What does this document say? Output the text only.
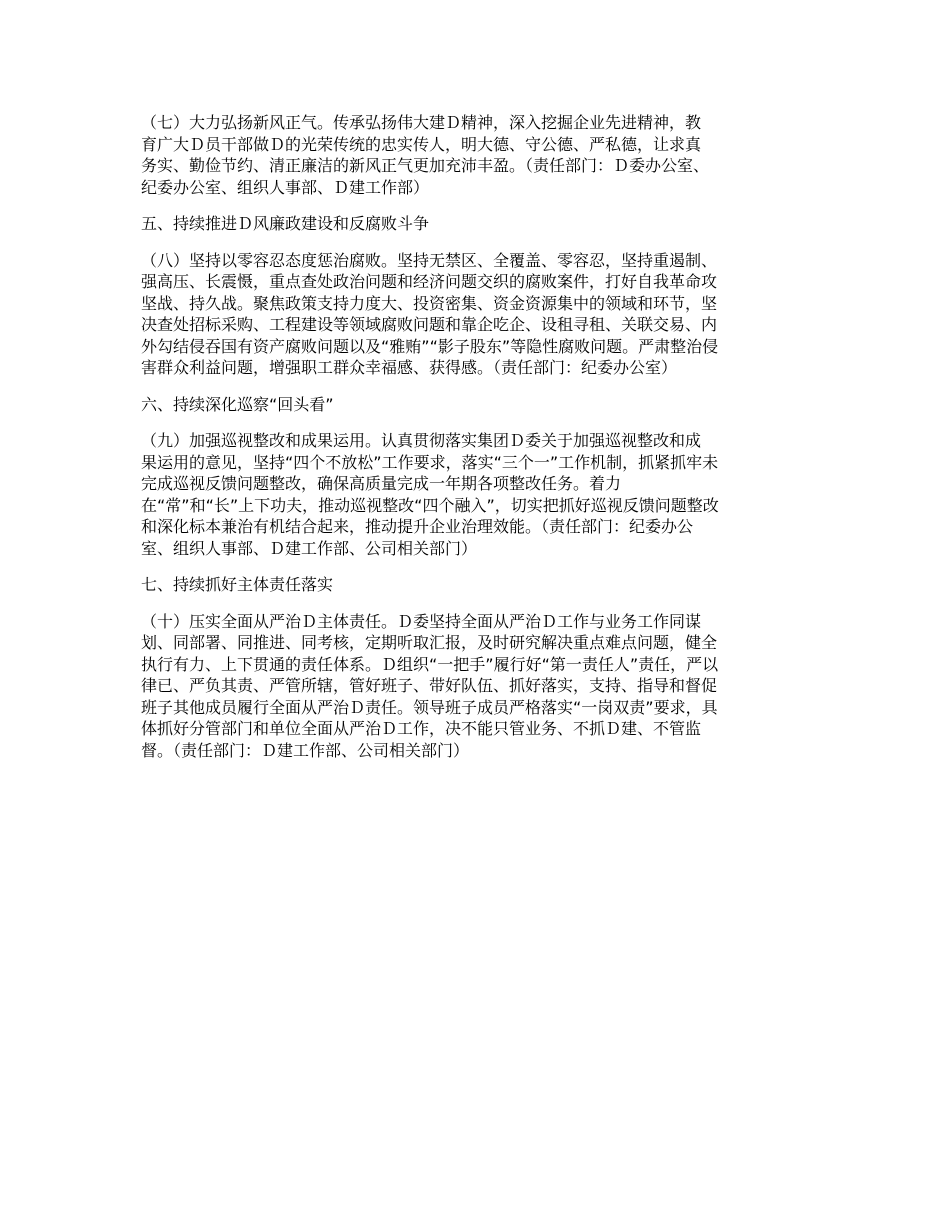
（七）大力弘扬新风正气。传承弘扬伟大建Ｄ精神，深入挖掘企业先进精神，教
育广大Ｄ员干部做Ｄ的光荣传统的忠实传人，明大德、守公德、严私德，让求真
务实、勤俭节约、清正廉洁的新风正气更加充沛丰盈。（责任部门：Ｄ委办公室、
纪委办公室、组织人事部、Ｄ建工作部）

五、持续推进Ｄ风廉政建设和反腐败斗争

（八）坚持以零容忍态度惩治腐败。坚持无禁区、全覆盖、零容忍，坚持重遏制、
强高压、长震慑，重点查处政治问题和经济问题交织的腐败案件，打好自我革命攻
坚战、持久战。聚焦政策支持力度大、投资密集、资金资源集中的领域和环节，坚
决查处招标采购、工程建设等领域腐败问题和靠企吃企、设租寻租、关联交易、内
外勾结侵吞国有资产腐败问题以及“雅贿”“影子股东”等隐性腐败问题。严肃整治侵
害群众利益问题，增强职工群众幸福感、获得感。（责任部门：纪委办公室）

六、持续深化巡察“回头看”

（九）加强巡视整改和成果运用。认真贯彻落实集团Ｄ委关于加强巡视整改和成
果运用的意见，坚持“四个不放松”工作要求，落实“三个一”工作机制，抓紧抓牢未
完成巡视反馈问题整改，确保高质量完成一年期各项整改任务。着力
在“常”和“长”上下功夫，推动巡视整改“四个融入”，切实把抓好巡视反馈问题整改
和深化标本兼治有机结合起来，推动提升企业治理效能。（责任部门：纪委办公
室、组织人事部、Ｄ建工作部、公司相关部门）

七、持续抓好主体责任落实

（十）压实全面从严治Ｄ主体责任。Ｄ委坚持全面从严治Ｄ工作与业务工作同谋
划、同部署、同推进、同考核，定期听取汇报，及时研究解决重点难点问题，健全
执行有力、上下贯通的责任体系。Ｄ组织“一把手”履行好“第一责任人”责任，严以
律已、严负其责、严管所辖，管好班子、带好队伍、抓好落实，支持、指导和督促
班子其他成员履行全面从严治Ｄ责任。领导班子成员严格落实“一岗双责”要求，具
体抓好分管部门和单位全面从严治Ｄ工作，决不能只管业务、不抓Ｄ建、不管监
督。（责任部门：Ｄ建工作部、公司相关部门）
